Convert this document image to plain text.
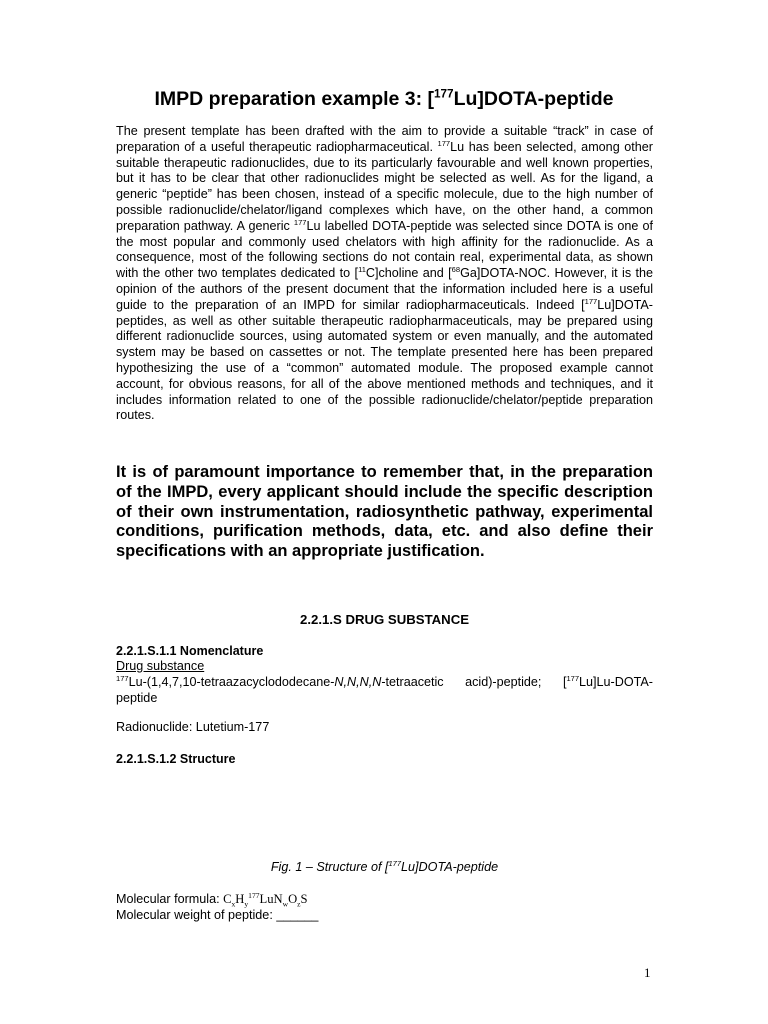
IMPD preparation example 3: [$^{177}$Lu]DOTA-peptide

The present template has been drafted with the aim to provide a suitable “track” in case of preparation of a useful therapeutic radiopharmaceutical. $^{177}$Lu has been selected, among other suitable therapeutic radionuclides, due to its particularly favourable and well known properties, but it has to be clear that other radionuclides might be selected as well. As for the ligand, a generic “peptide” has been chosen, instead of a specific molecule, due to the high number of possible radionuclide/chelator/ligand complexes which have, on the other hand, a common preparation pathway. A generic $^{177}$Lu labelled DOTA-peptide was selected since DOTA is one of the most popular and commonly used chelators with high affinity for the radionuclide. As a consequence, most of the following sections do not contain real, experimental data, as shown with the other two templates dedicated to [$^{11}$C]choline and [$^{68}$Ga]DOTA-NOC. However, it is the opinion of the authors of the present document that the information included here is a useful guide to the preparation of an IMPD for similar radiopharmaceuticals. Indeed [$^{177}$Lu]DOTA-peptides, as well as other suitable therapeutic radiopharmaceuticals, may be prepared using different radionuclide sources, using automated system or even manually, and the automated system may be based on cassettes or not. The template presented here has been prepared hypothesizing the use of a “common” automated module. The proposed example cannot account, for obvious reasons, for all of the above mentioned methods and techniques, and it includes information related to one of the possible radionuclide/chelator/peptide preparation routes.

It is of paramount importance to remember that, in the preparation of the IMPD, every applicant should include the specific description of their own instrumentation, radiosynthetic pathway, experimental conditions, purification methods, data, etc. and also define their specifications with an appropriate justification.

2.2.1.S DRUG SUBSTANCE
2.2.1.S.1.1 Nomenclature

Drug substance

$^{177}$Lu-(1,4,7,10-tetraazacyclododecane-N,N,N,N-tetraacetic acid)-peptide; [$^{177}$Lu]Lu-DOTA-peptide

Radionuclide: Lutetium-177

2.2.1.S.1.2 Structure

Fig. 1 – Structure of [$^{177}$Lu]DOTA-peptide

Molecular formula: $C_xH_y^{177}LuN_wO_zS$

Molecular weight of peptide: ______

1
